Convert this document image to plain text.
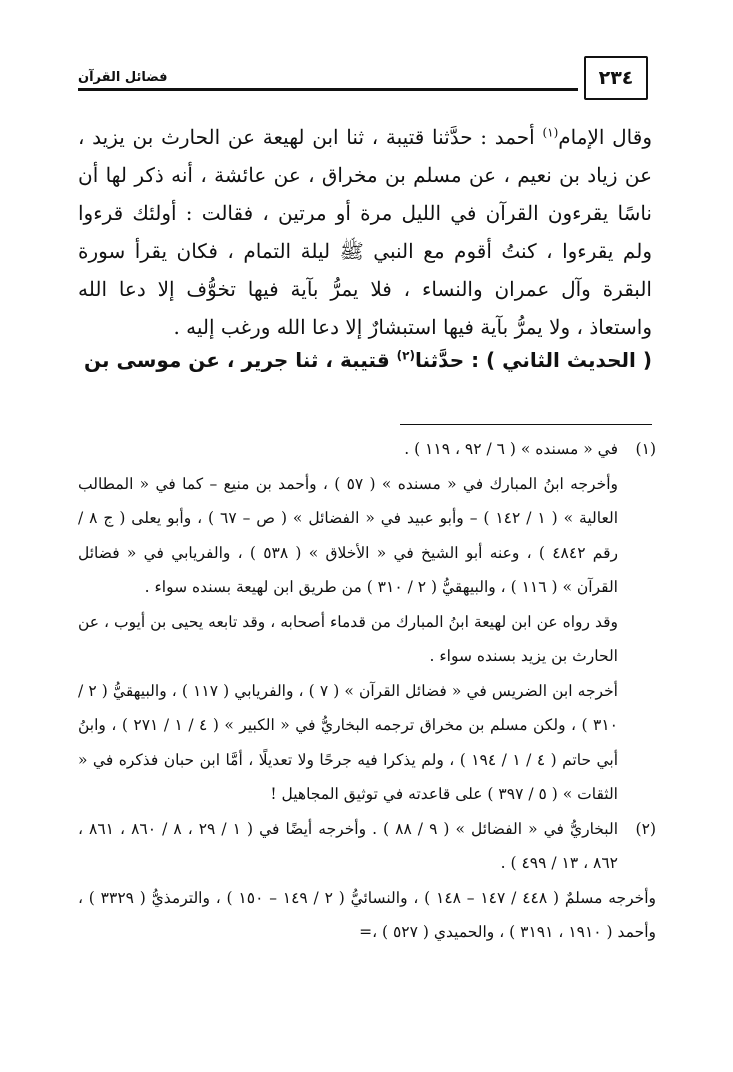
فضائل القرآن	٢٣٤

وقال الإمام$^{(١)}$ أحمد : حدَّثنا قتيبة ، ثنا ابن لهيعة عن الحارث بن يزيد ، عن زياد بن نعيم ، عن مسلم بن مخراق ، عن عائشة ، أنه ذكر لها أن ناسًا يقرءون القرآن في الليل مرة أو مرتين ، فقالت : أولئك قرءوا ولم يقرءوا ، كنتُ أقوم مع النبي ﷺ ليلة التمام ، فكان يقرأ سورة البقرة وآل عمران والنساء ، فلا يمرُّ بآية فيها تخوُّف إلا دعا الله واستعاذ ، ولا يمرُّ بآية فيها استبشارٌ إلا دعا الله ورغب إليه .

( الحديث الثاني ) : حدَّثنا$^{(٢)}$ قتيبة ، ثنا جرير ، عن موسى بن
(١)

في « مسنده » ( ٦ / ٩٢ ، ١١٩ ) .

وأخرجه ابنُ المبارك في « مسنده » ( ٥٧ ) ، وأحمد بن منيع – كما في « المطالب العالية » ( ١ / ١٤٢ ) – وأبو عبيد في « الفضائل » ( ص – ٦٧ ) ، وأبو يعلى ( ج ٨ / رقم ٤٨٤٢ ) ، وعنه أبو الشيخ في « الأخلاق » ( ٥٣٨ ) ، والفريابي في « فضائل القرآن » ( ١١٦ ) ، والبيهقيُّ ( ٢ / ٣١٠ ) من طريق ابن لهيعة بسنده سواء .

وقد رواه عن ابن لهيعة ابنُ المبارك من قدماء أصحابه ، وقد تابعه يحيى بن أيوب ، عن الحارث بن يزيد بسنده سواء .

أخرجه ابن الضريس في « فضائل القرآن » ( ٧ ) ، والفريابي ( ١١٧ ) ، والبيهقيُّ ( ٢ / ٣١٠ ) ، ولكن مسلم بن مخراق ترجمه البخاريُّ في « الكبير » ( ٤ / ١ / ٢٧١ ) ، وابنُ أبي حاتم ( ٤ / ١ / ١٩٤ ) ، ولم يذكرا فيه جرحًا ولا تعديلًا ، أمَّا ابن حبان فذكره في « الثقات » ( ٥ / ٣٩٧ ) على قاعدته في توثيق المجاهيل !

(٢)

البخاريُّ في « الفضائل » ( ٩ / ٨٨ ) . وأخرجه أيضًا في ( ١ / ٢٩ ، ٨ / ٨٦٠ ، ٨٦١ ، ٨٦٢ ، ١٣ / ٤٩٩ ) .

وأخرجه مسلمٌ ( ٤٤٨ / ١٤٧ – ١٤٨ ) ، والنسائيُّ ( ٢ / ١٤٩ – ١٥٠ ) ، والترمذيُّ ( ٣٣٢٩ ) ، وأحمد ( ١٩١٠ ، ٣١٩١ ) ، والحميدي ( ٥٢٧ ) ،=
